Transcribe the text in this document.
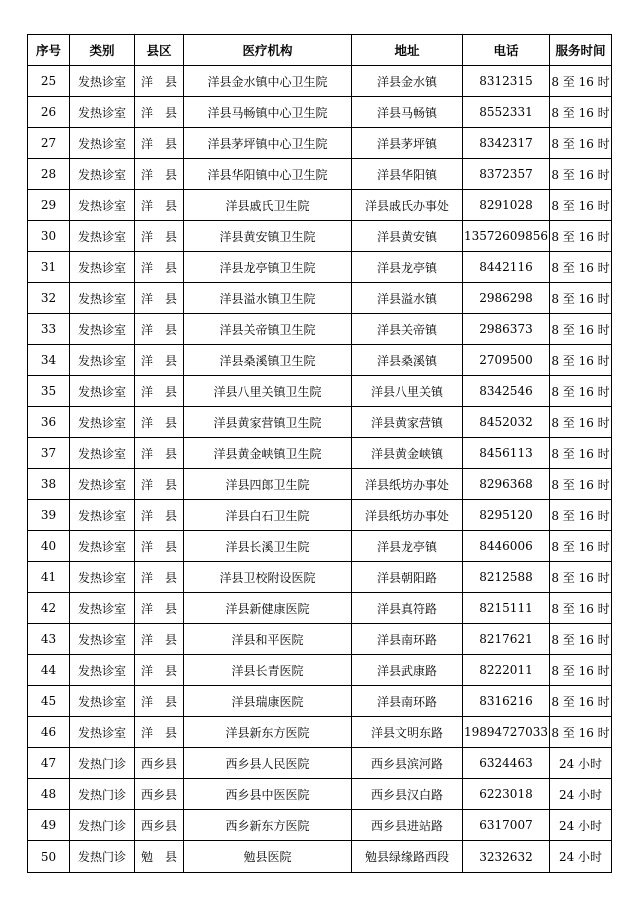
序号	类别	县区	医疗机构	地址	电话	服务时间
25	发热诊室	洋　县	洋县金水镇中心卫生院	洋县金水镇	8312315	8 至 16 时
26	发热诊室	洋　县	洋县马畅镇中心卫生院	洋县马畅镇	8552331	8 至 16 时
27	发热诊室	洋　县	洋县茅坪镇中心卫生院	洋县茅坪镇	8342317	8 至 16 时
28	发热诊室	洋　县	洋县华阳镇中心卫生院	洋县华阳镇	8372357	8 至 16 时
29	发热诊室	洋　县	洋县戚氏卫生院	洋县戚氏办事处	8291028	8 至 16 时
30	发热诊室	洋　县	洋县黄安镇卫生院	洋县黄安镇	13572609856	8 至 16 时
31	发热诊室	洋　县	洋县龙亭镇卫生院	洋县龙亭镇	8442116	8 至 16 时
32	发热诊室	洋　县	洋县溢水镇卫生院	洋县溢水镇	2986298	8 至 16 时
33	发热诊室	洋　县	洋县关帝镇卫生院	洋县关帝镇	2986373	8 至 16 时
34	发热诊室	洋　县	洋县桑溪镇卫生院	洋县桑溪镇	2709500	8 至 16 时
35	发热诊室	洋　县	洋县八里关镇卫生院	洋县八里关镇	8342546	8 至 16 时
36	发热诊室	洋　县	洋县黄家营镇卫生院	洋县黄家营镇	8452032	8 至 16 时
37	发热诊室	洋　县	洋县黄金峡镇卫生院	洋县黄金峡镇	8456113	8 至 16 时
38	发热诊室	洋　县	洋县四郎卫生院	洋县纸坊办事处	8296368	8 至 16 时
39	发热诊室	洋　县	洋县白石卫生院	洋县纸坊办事处	8295120	8 至 16 时
40	发热诊室	洋　县	洋县长溪卫生院	洋县龙亭镇	8446006	8 至 16 时
41	发热诊室	洋　县	洋县卫校附设医院	洋县朝阳路	8212588	8 至 16 时
42	发热诊室	洋　县	洋县新健康医院	洋县真符路	8215111	8 至 16 时
43	发热诊室	洋　县	洋县和平医院	洋县南环路	8217621	8 至 16 时
44	发热诊室	洋　县	洋县长青医院	洋县武康路	8222011	8 至 16 时
45	发热诊室	洋　县	洋县瑞康医院	洋县南环路	8316216	8 至 16 时
46	发热诊室	洋　县	洋县新东方医院	洋县文明东路	19894727033	8 至 16 时
47	发热门诊	西乡县	西乡县人民医院	西乡县滨河路	6324463	24 小时
48	发热门诊	西乡县	西乡县中医医院	西乡县汉白路	6223018	24 小时
49	发热门诊	西乡县	西乡新东方医院	西乡县进站路	6317007	24 小时
50	发热门诊	勉　县	勉县医院	勉县绿缘路西段	3232632	24 小时
